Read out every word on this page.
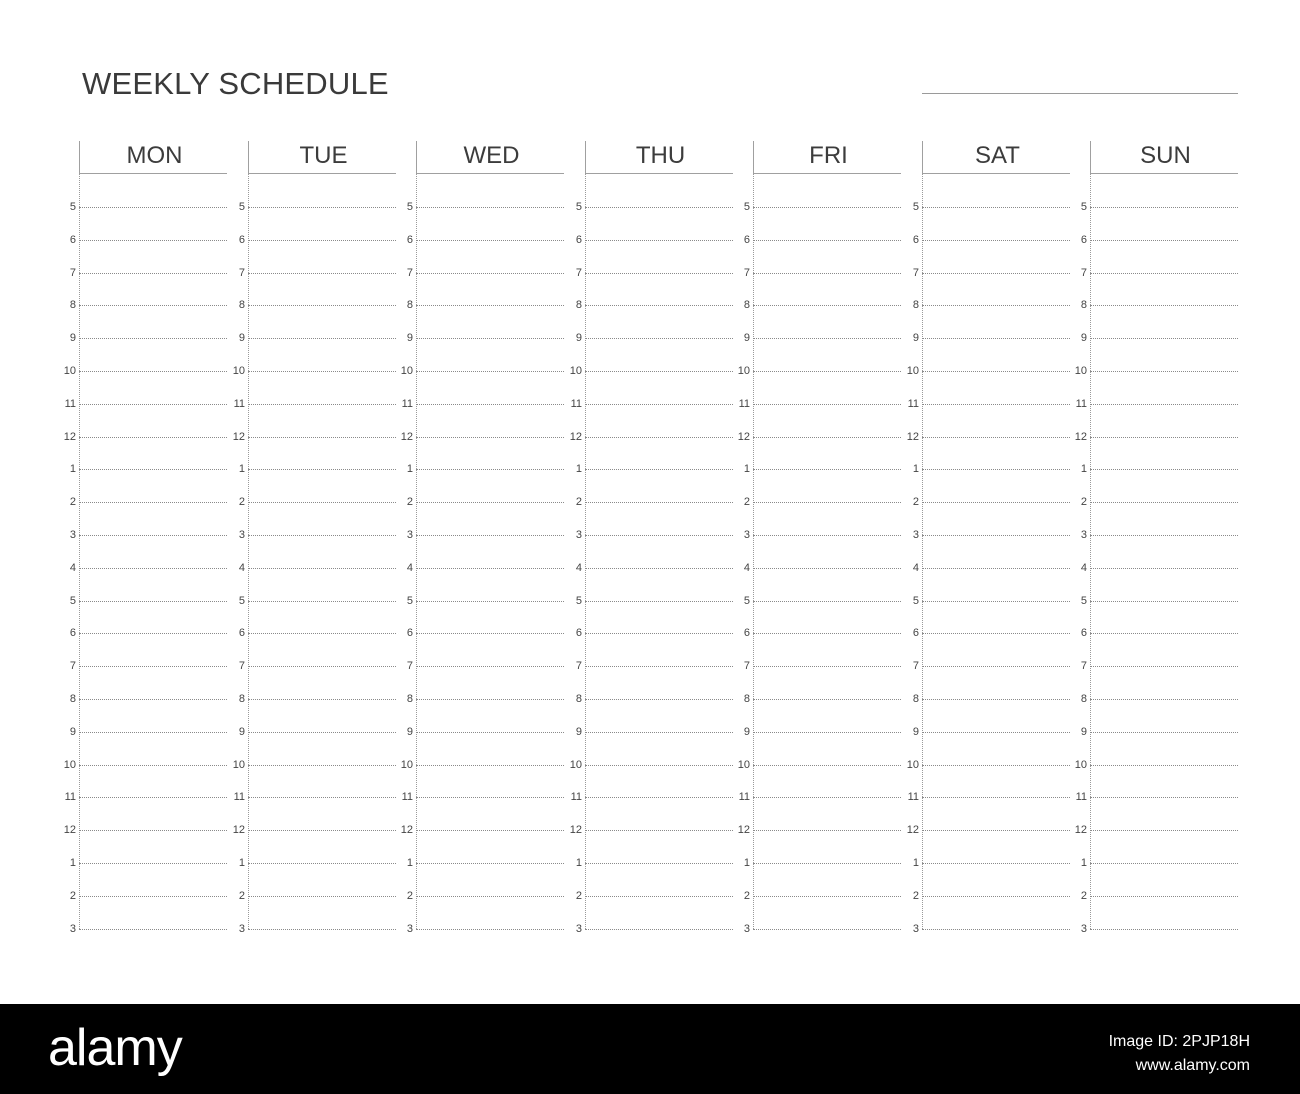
WEEKLY SCHEDULE
MON
5
6
7
8
9
10
11
12
1
2
3
4
5
6
7
8
9
10
11
12
1
2
3
TUE
5
6
7
8
9
10
11
12
1
2
3
4
5
6
7
8
9
10
11
12
1
2
3
WED
5
6
7
8
9
10
11
12
1
2
3
4
5
6
7
8
9
10
11
12
1
2
3
THU
5
6
7
8
9
10
11
12
1
2
3
4
5
6
7
8
9
10
11
12
1
2
3
FRI
5
6
7
8
9
10
11
12
1
2
3
4
5
6
7
8
9
10
11
12
1
2
3
SAT
5
6
7
8
9
10
11
12
1
2
3
4
5
6
7
8
9
10
11
12
1
2
3
SUN
5
6
7
8
9
10
11
12
1
2
3
4
5
6
7
8
9
10
11
12
1
2
3
alamy	Image ID: 2PJP18H
www.alamy.com
